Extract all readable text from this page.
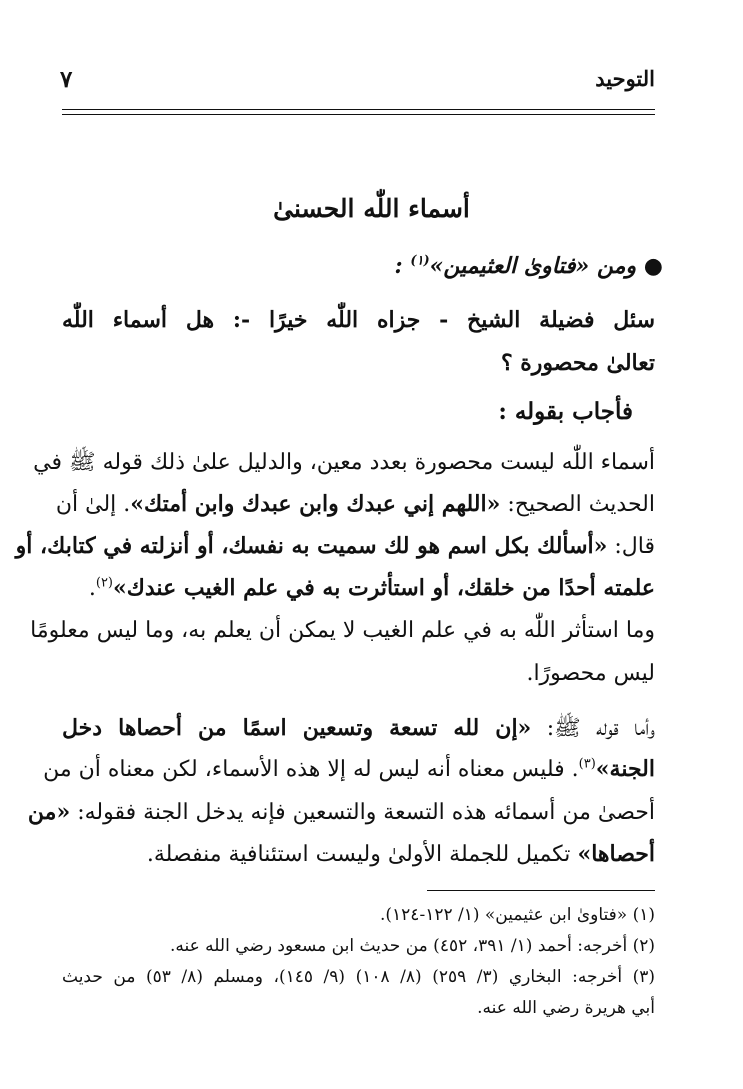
التوحيد
٧
أسماء اللّٰه الحسنىٰ
● ومن «فتاوىٰ العثيمين»$^{(١)}$ :
سئل فضيلة الشيخ - جزاه اللّٰه خيرًا -: هل أسماء اللّٰه
تعالىٰ محصورة ؟
فأجاب بقوله :
أسماء اللّٰه ليست محصورة بعدد معين، والدليل علىٰ ذلك قوله ﷺ في
الحديث الصحيح: «اللهم إني عبدك وابن عبدك وابن أمتك». إلىٰ أن
قال: «أسألك بكل اسم هو لك سميت به نفسك، أو أنزلته في كتابك، أو
علمته أحدًا من خلقك، أو استأثرت به في علم الغيب عندك»$^{(٢)}$.
وما استأثر اللّٰه به في علم الغيب لا يمكن أن يعلم به، وما ليس معلومًا
ليس محصورًا.
وأما قوله ﷺ: «إن لله تسعة وتسعين اسمًا من أحصاها دخل
الجنة»$^{(٣)}$. فليس معناه أنه ليس له إلا هذه الأسماء، لكن معناه أن من
أحصىٰ من أسمائه هذه التسعة والتسعين فإنه يدخل الجنة فقوله: «من
أحصاها» تكميل للجملة الأولىٰ وليست استئنافية منفصلة.
(١) «فتاوىٰ ابن عثيمين» (١/ ١٢٢-١٢٤).
(٢) أخرجه: أحمد (١/ ٣٩١، ٤٥٢) من حديث ابن مسعود رضي الله عنه.
(٣) أخرجه: البخاري (٣/ ٢٥٩) (٨/ ١٠٨) (٩/ ١٤٥)، ومسلم (٨/ ٥٣) من حديث
أبي هريرة رضي الله عنه.
